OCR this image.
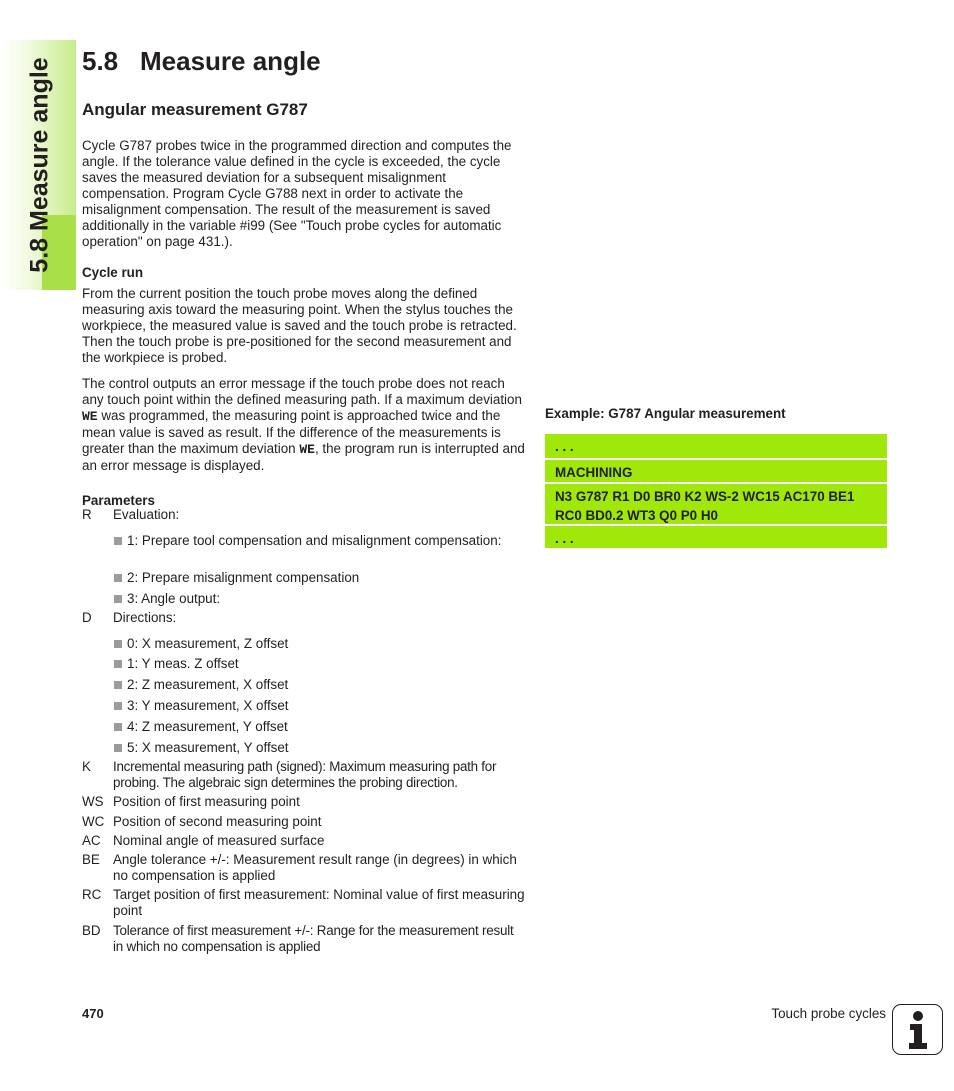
5.8 Measure angle 5.8 Measure angle
Angular measurement G787
Cycle G787 probes twice in the programmed direction and computes the angle. If the tolerance value defined in the cycle is exceeded, the cycle saves the measured deviation for a subsequent misalignment compensation. Program Cycle G788 next in order to activate the misalignment compensation. The result of the measurement is saved additionally in the variable #i99 (See "Touch probe cycles for automatic operation" on page 431.).
Cycle run
From the current position the touch probe moves along the defined measuring axis toward the measuring point. When the stylus touches the workpiece, the measured value is saved and the touch probe is retracted. Then the touch probe is pre-positioned for the second measurement and the workpiece is probed.
The control outputs an error message if the touch probe does not reach any touch point within the defined measuring path. If a maximum deviation WE was programmed, the measuring point is approached twice and the mean value is saved as result. If the difference of the measurements is greater than the maximum deviation WE, the program run is interrupted and an error message is displayed.
Parameters
R Evaluation:
1: Prepare tool compensation and misalignment compensation:
2: Prepare misalignment compensation
3: Angle output:
D Directions:
0: X measurement, Z offset
1: Y meas. Z offset
2: Z measurement, X offset
3: Y measurement, X offset
4: Z measurement, Y offset
5: X measurement, Y offset
K Incremental measuring path (signed): Maximum measuring path for probing. The algebraic sign determines the probing direction.
WS Position of first measuring point
WC Position of second measuring point
AC Nominal angle of measured surface
BE Angle tolerance +/-: Measurement result range (in degrees) in which no compensation is applied
RC Target position of first measurement: Nominal value of first measuring point
BD Tolerance of first measurement +/-: Range for the measurement result in which no compensation is applied
Example: G787 Angular measurement
. . .
MACHINING
N3 G787 R1 D0 BR0 K2 WS-2 WC15 AC170 BE1 RC0 BD0.2 WT3 Q0 P0 H0
. . .
470	Touch probe cycles
